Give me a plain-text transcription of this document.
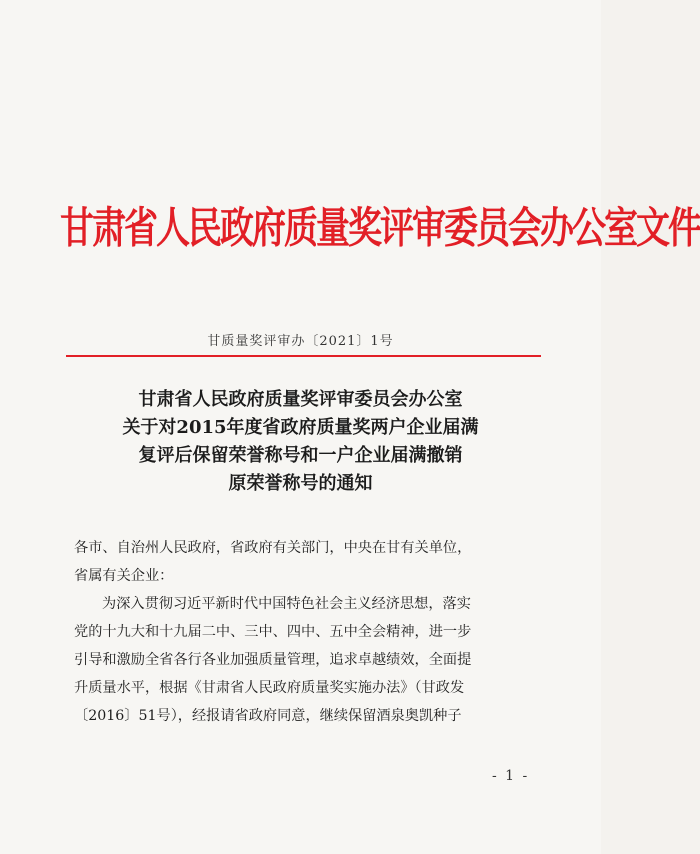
甘肃省人民政府质量奖评审委员会办公室文件
甘质量奖评审办〔2021〕1号
甘肃省人民政府质量奖评审委员会办公室
关于对2015年度省政府质量奖两户企业届满
复评后保留荣誉称号和一户企业届满撤销
原荣誉称号的通知
各市、自治州人民政府，省政府有关部门，中央在甘有关单位，
省属有关企业：
为深入贯彻习近平新时代中国特色社会主义经济思想，落实
党的十九大和十九届二中、三中、四中、五中全会精神，进一步
引导和激励全省各行各业加强质量管理，追求卓越绩效，全面提
升质量水平，根据《甘肃省人民政府质量奖实施办法》（甘政发
〔2016〕51号），经报请省政府同意，继续保留酒泉奥凯种子
- 1 -
